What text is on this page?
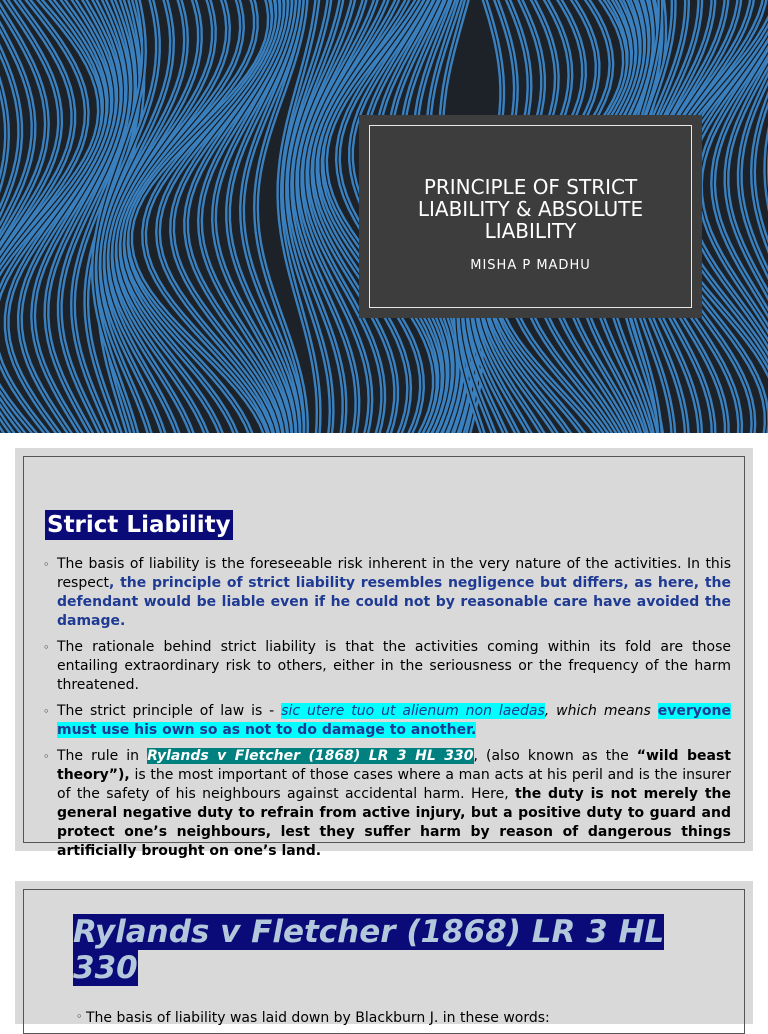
PRINCIPLE OF STRICT LIABILITY & ABSOLUTE LIABILITY
MISHA P MADHU
Strict Liability
◦ The basis of liability is the foreseeable risk inherent in the very nature of the activities. In this respect, the principle of strict liability resembles negligence but differs, as here, the defendant would be liable even if he could not by reasonable care have avoided the damage.
◦ The rationale behind strict liability is that the activities coming within its fold are those entailing extraordinary risk to others, either in the seriousness or the frequency of the harm threatened.
◦ The strict principle of law is - sic utere tuo ut alienum non laedas, which means everyone must use his own so as not to do damage to another.
◦ The rule in Rylands v Fletcher (1868) LR 3 HL 330, (also known as the “wild beast theory”), is the most important of those cases where a man acts at his peril and is the insurer of the safety of his neighbours against accidental harm. Here, the duty is not merely the general negative duty to refrain from active injury, but a positive duty to guard and protect one’s neighbours, lest they suffer harm by reason of dangerous things artificially brought on one’s land.
Rylands v Fletcher (1868) LR 3 HL 330
◦ The basis of liability was laid down by Blackburn J. in these words:
